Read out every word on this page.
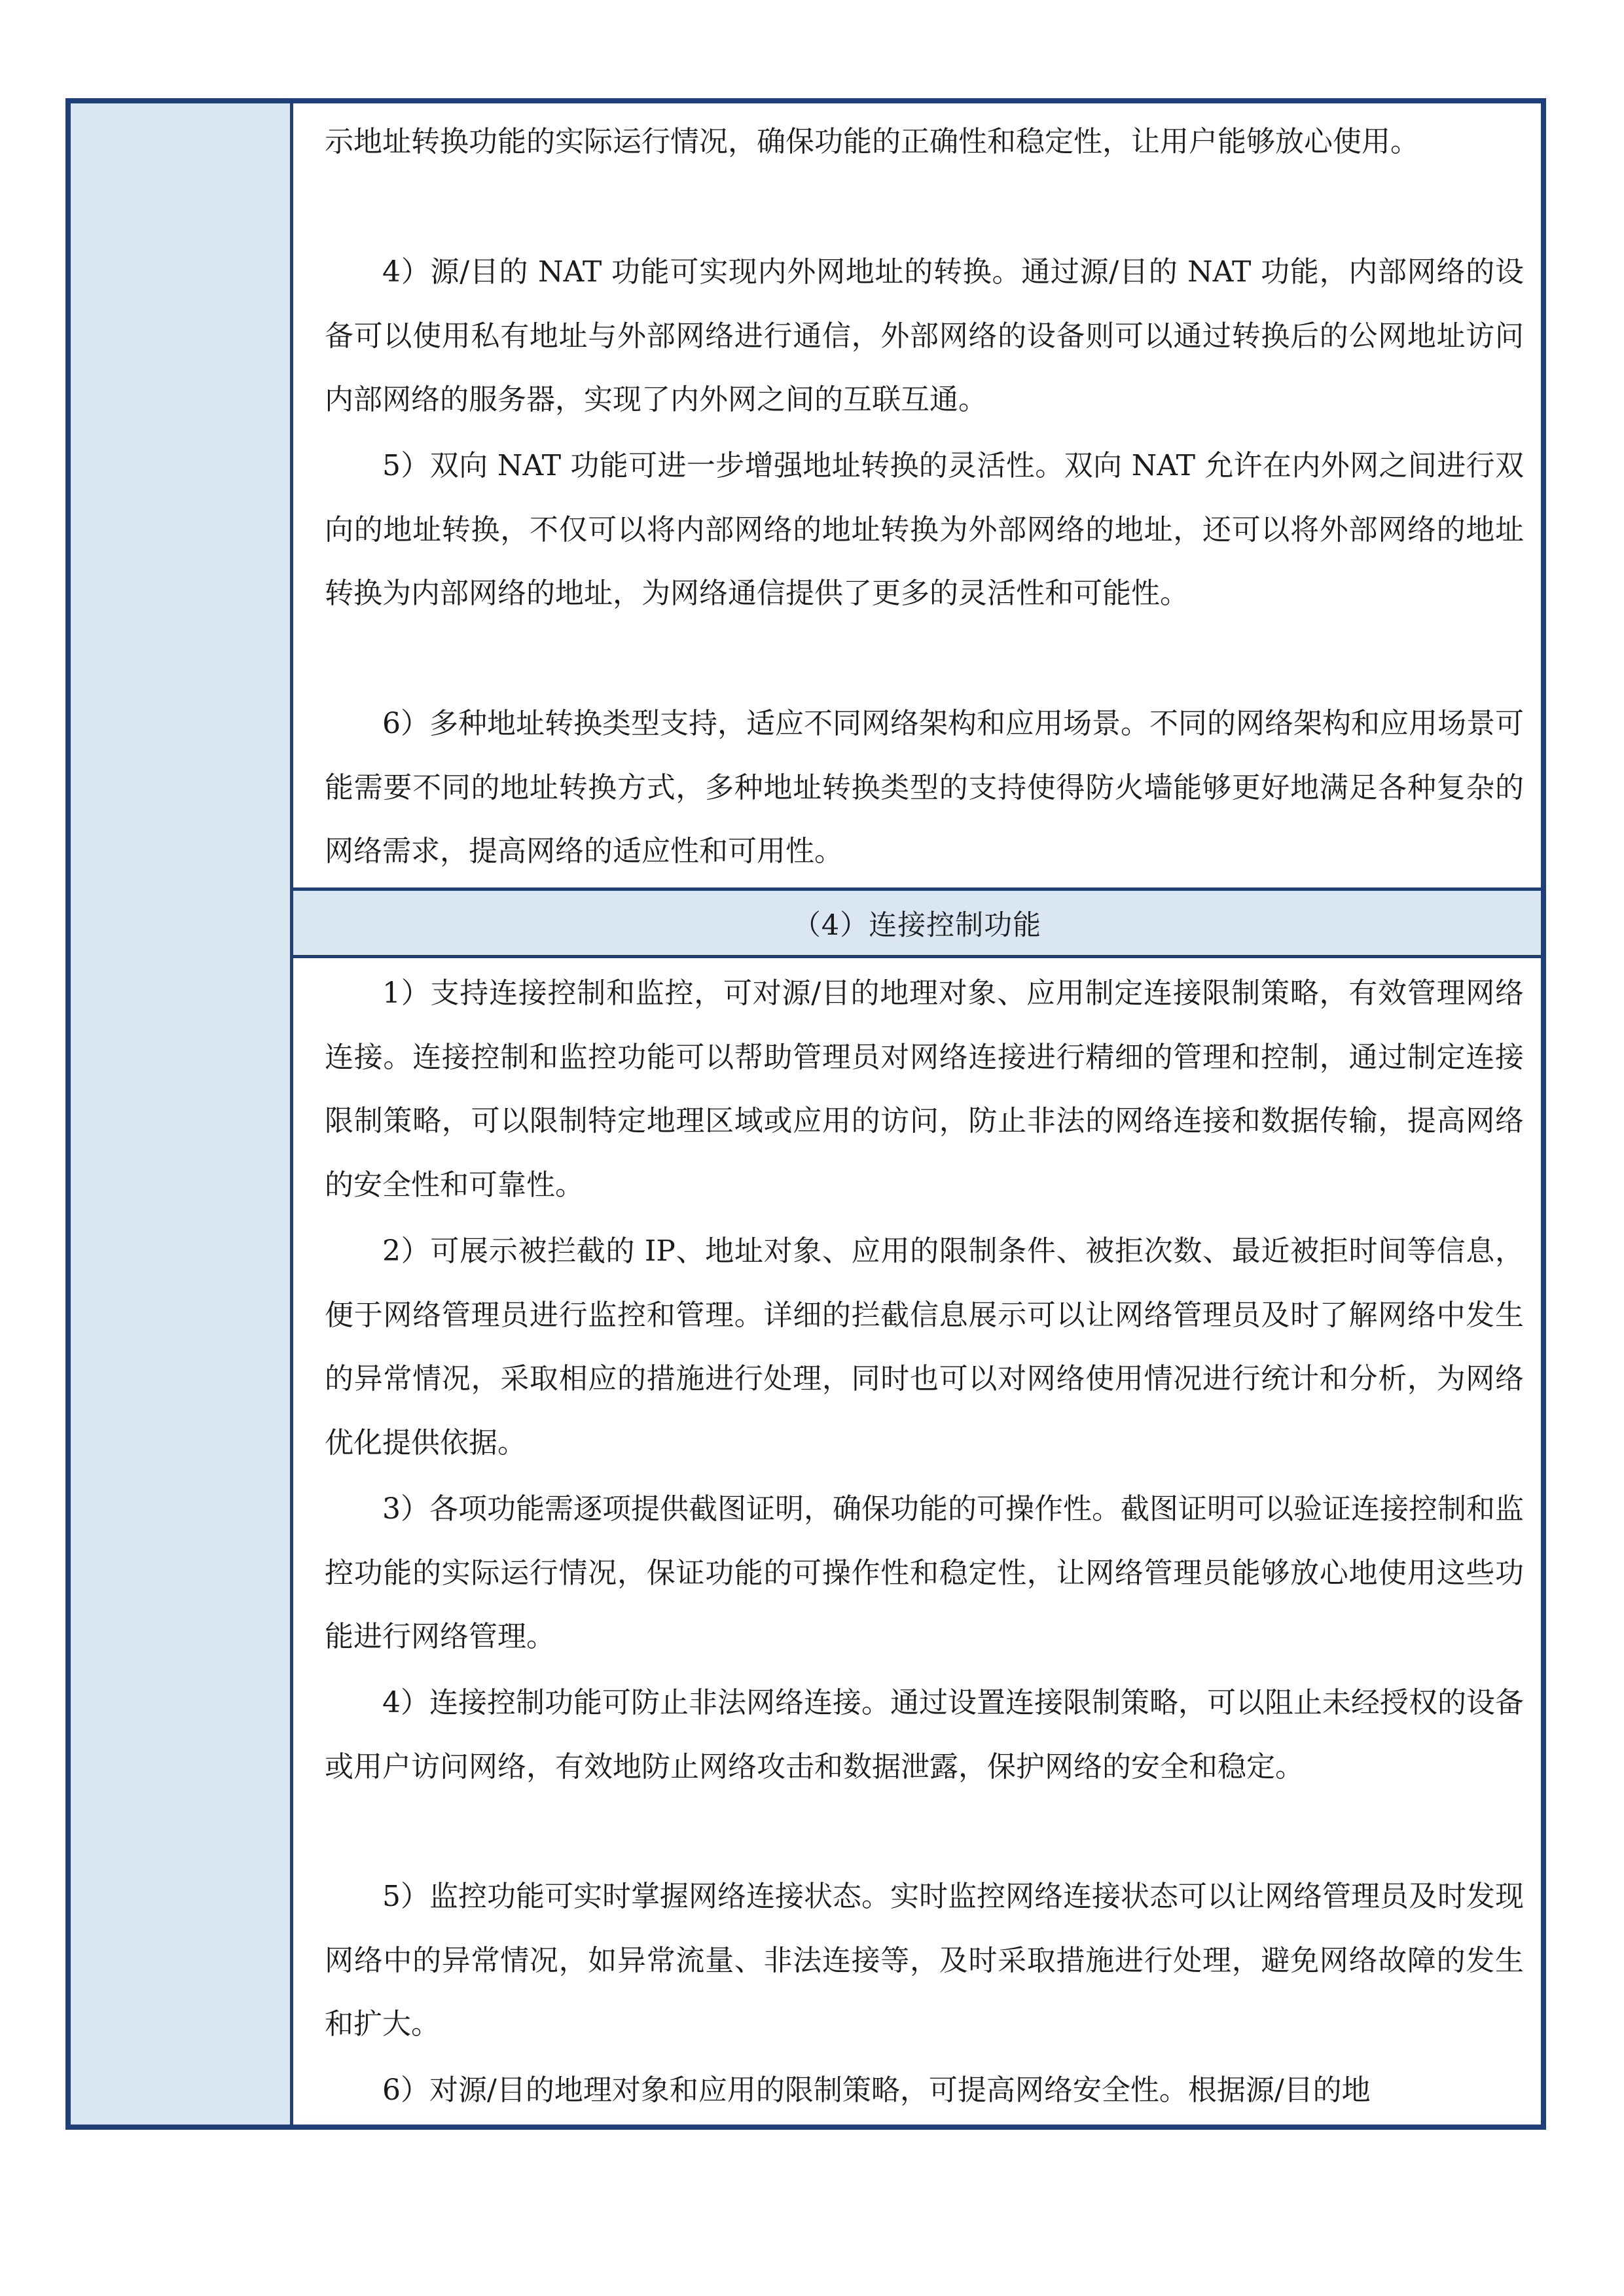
示地址转换功能的实际运行情况，确保功能的正确性和稳定性，让用户能够放心使用。

4）源/目的 NAT 功能可实现内外网地址的转换。通过源/目的 NAT 功能，内部网络的设备可以使用私有地址与外部网络进行通信，外部网络的设备则可以通过转换后的公网地址访问内部网络的服务器，实现了内外网之间的互联互通。

5）双向 NAT 功能可进一步增强地址转换的灵活性。双向 NAT 允许在内外网之间进行双向的地址转换，不仅可以将内部网络的地址转换为外部网络的地址，还可以将外部网络的地址转换为内部网络的地址，为网络通信提供了更多的灵活性和可能性。

6）多种地址转换类型支持，适应不同网络架构和应用场景。不同的网络架构和应用场景可能需要不同的地址转换方式，多种地址转换类型的支持使得防火墙能够更好地满足各种复杂的网络需求，提高网络的适应性和可用性。

（4）连接控制功能

1）支持连接控制和监控，可对源/目的地理对象、应用制定连接限制策略，有效管理网络连接。连接控制和监控功能可以帮助管理员对网络连接进行精细的管理和控制，通过制定连接限制策略，可以限制特定地理区域或应用的访问，防止非法的网络连接和数据传输，提高网络的安全性和可靠性。

2）可展示被拦截的 IP、地址对象、应用的限制条件、被拒次数、最近被拒时间等信息，便于网络管理员进行监控和管理。详细的拦截信息展示可以让网络管理员及时了解网络中发生的异常情况，采取相应的措施进行处理，同时也可以对网络使用情况进行统计和分析，为网络优化提供依据。

3）各项功能需逐项提供截图证明，确保功能的可操作性。截图证明可以验证连接控制和监控功能的实际运行情况，保证功能的可操作性和稳定性，让网络管理员能够放心地使用这些功能进行网络管理。

4）连接控制功能可防止非法网络连接。通过设置连接限制策略，可以阻止未经授权的设备或用户访问网络，有效地防止网络攻击和数据泄露，保护网络的安全和稳定。

5）监控功能可实时掌握网络连接状态。实时监控网络连接状态可以让网络管理员及时发现网络中的异常情况，如异常流量、非法连接等，及时采取措施进行处理，避免网络故障的发生和扩大。

6）对源/目的地理对象和应用的限制策略，可提高网络安全性。根据源/目的地
